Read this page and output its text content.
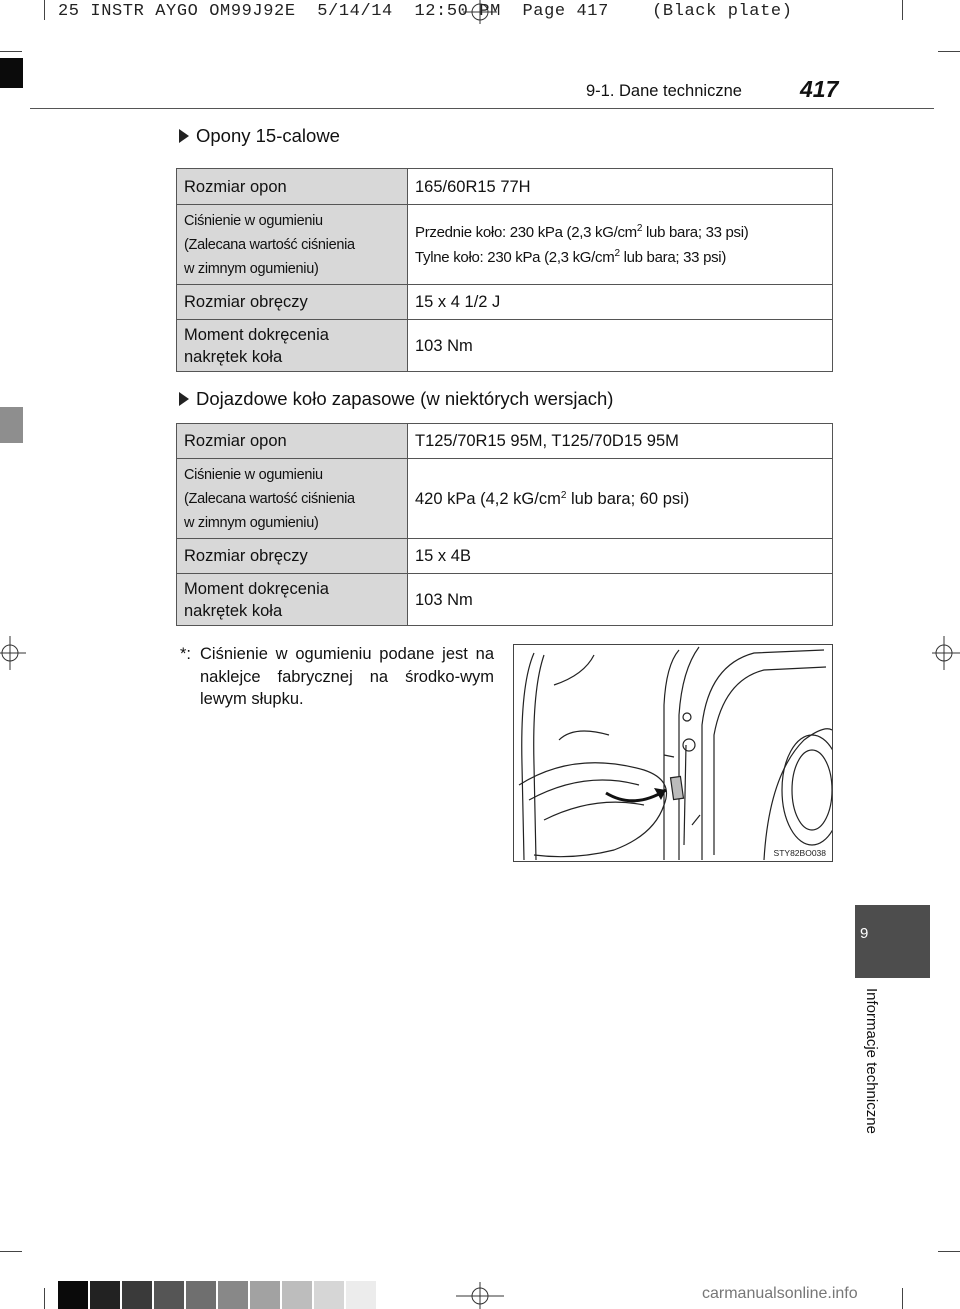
25 INSTR AYGO OM99J92E  5/14/14  12:50 PM  Page 417    (Black plate)
9-1. Dane techniczne	417
9
Informacje techniczne
Opony 15-calowe
Rozmiar opon	165/60R15 77H
Ciśnienie w ogumieniu
(Zalecana wartość ciśnienia
w zimnym ogumieniu)	Przednie koło: 230 kPa (2,3 $kG/cm^2$ lub bara; 33 psi)
Tylne koło: 230 kPa (2,3 $kG/cm^2$ lub bara; 33 psi)
Rozmiar obręczy	15 x 4 1/2 J
Moment dokręcenia
nakrętek koła	103 Nm
Dojazdowe koło zapasowe (w niektórych wersjach)
Rozmiar opon	T125/70R15 95M, T125/70D15 95M
Ciśnienie w ogumieniu
(Zalecana wartość ciśnienia
w zimnym ogumieniu)	420 kPa (4,2 $kG/cm^2$ lub bara; 60 psi)
Rozmiar obręczy	15 x 4B
Moment dokręcenia
nakrętek koła	103 Nm
*: Ciśnienie w ogumieniu podane jest na naklejce fabrycznej na środko-wym lewym słupku.
STY82BO038
carmanualsonline.info
